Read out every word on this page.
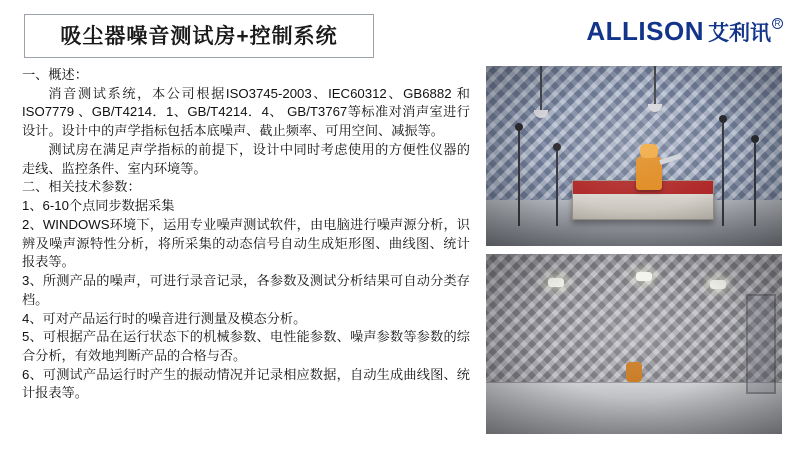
吸尘器噪音测试房+控制系统	ALLISON 艾利讯 R

一、概述：

消音测试系统，本公司根据ISO3745-2003、IEC60312、GB6882 和ISO7779 、GB/T4214．1、GB/T4214．4、 GB/T3767等标准对消声室进行设计。设计中的声学指标包括本底噪声、截止频率、可用空间、减振等。

测试房在满足声学指标的前提下，设计中同时考虑使用的方便性仪器的走线、监控条件、室内环境等。

二、相关技术参数：

1、6-10个点同步数据采集

2、WINDOWS环境下，运用专业噪声测试软件，由电脑进行噪声源分析，识辨及噪声源特性分析，将所采集的动态信号自动生成矩形图、曲线图、统计报表等。

3、所测产品的噪声，可进行录音记录，各参数及测试分析结果可自动分类存档。

4、可对产品运行时的噪音进行测量及模态分析。

5、可根据产品在运行状态下的机械参数、电性能参数、噪声参数等参数的综合分析，有效地判断产品的合格与否。

6、可测试产品运行时产生的振动情况并记录相应数据，自动生成曲线图、统计报表等。
